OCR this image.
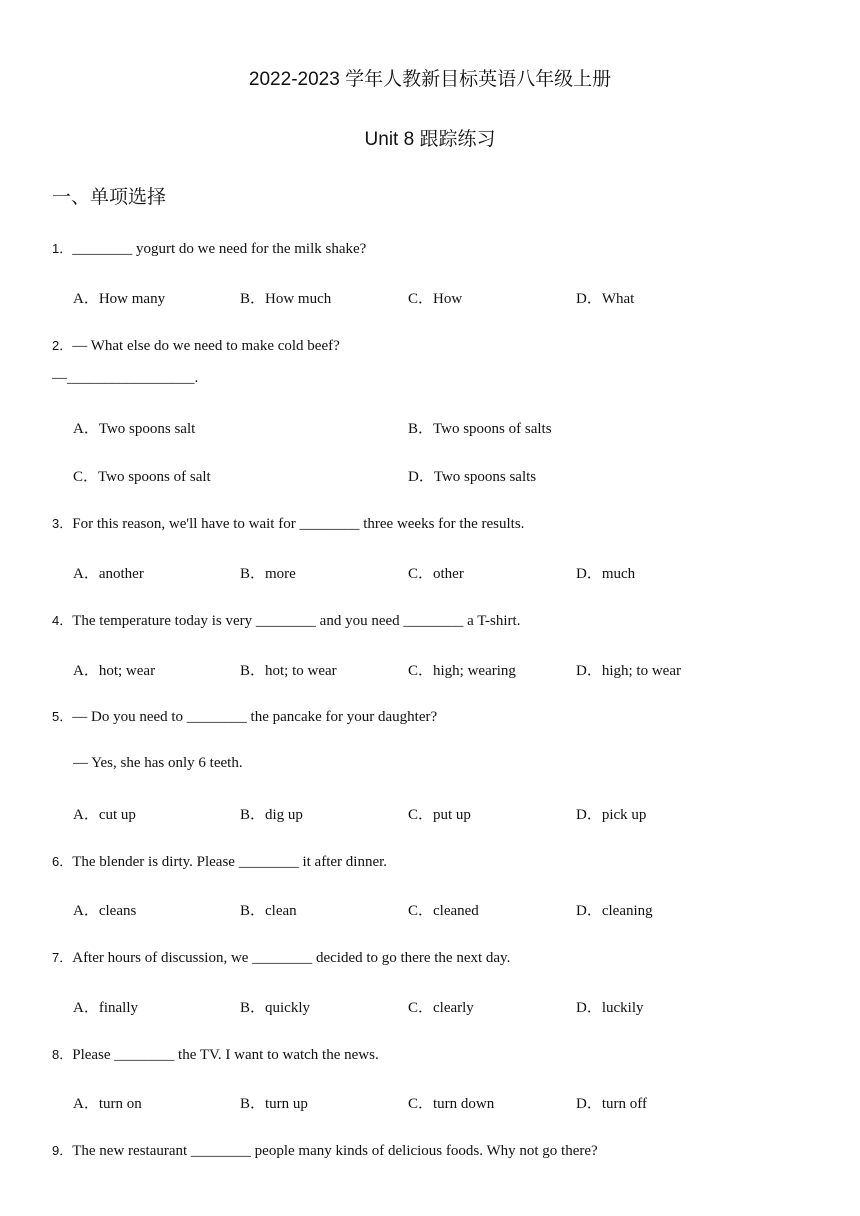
2022-2023 学年人教新目标英语八年级上册
Unit 8 跟踪练习
一、单项选择
1．________ yogurt do we need for the milk shake?
A．How many	B．How much	C．How	D．What
2．— What else do we need to make cold beef?
—_________________.
A．Two spoons salt	B．Two spoons of salts
C．Two spoons of salt	D．Two spoons salts
3．For this reason, we'll have to wait for ________ three weeks for the results.
A．another	B．more	C．other	D．much
4．The temperature today is very ________ and you need ________ a T-shirt.
A．hot; wear	B．hot; to wear	C．high; wearing	D．high; to wear
5．— Do you need to ________ the pancake for your daughter?
— Yes, she has only 6 teeth.
A．cut up	B．dig up	C．put up	D．pick up
6．The blender is dirty. Please ________ it after dinner.
A．cleans	B．clean	C．cleaned	D．cleaning
7．After hours of discussion, we ________ decided to go there the next day.
A．finally	B．quickly	C．clearly	D．luckily
8．Please ________ the TV. I want to watch the news.
A．turn on	B．turn up	C．turn down	D．turn off
9．The new restaurant ________ people many kinds of delicious foods. Why not go there?
